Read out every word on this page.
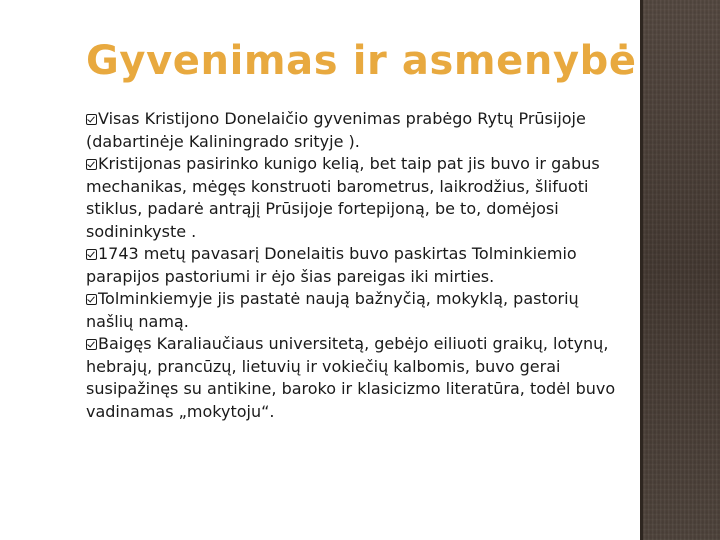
Gyvenimas ir asmenybė
Visas Kristijono Donelaičio gyvenimas prabėgo Rytų Prūsijoje (dabartinėje Kaliningrado srityje ).
Kristijonas pasirinko kunigo kelią, bet taip pat jis buvo ir gabus mechanikas, mėgęs konstruoti barometrus, laikrodžius, šlifuoti stiklus, padarė antrąjį Prūsijoje fortepijoną, be to, domėjosi sodininkyste .
1743 metų pavasarį Donelaitis buvo paskirtas Tolminkiemio parapijos pastoriumi ir ėjo šias pareigas iki mirties.
Tolminkiemyje jis pastatė naują bažnyčią, mokyklą, pastorių našlių namą.
Baigęs Karaliaučiaus universitetą, gebėjo eiliuoti graikų, lotynų, hebrajų, prancūzų, lietuvių ir vokiečių kalbomis, buvo gerai susipažinęs su antikine, baroko ir klasicizmo literatūra, todėl buvo vadinamas „mokytoju“.
